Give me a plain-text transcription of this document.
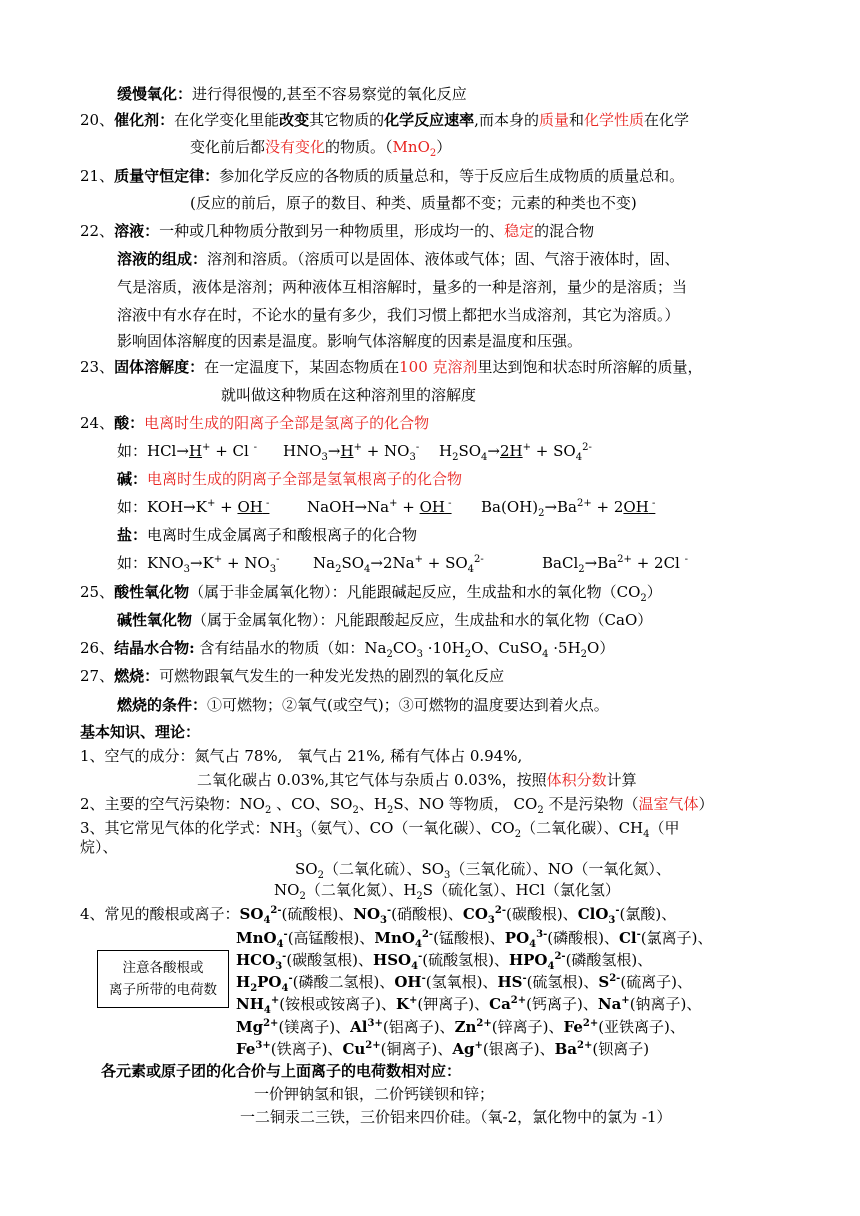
缓慢氧化：进行得很慢的,甚至不容易察觉的氧化反应
20、催化剂：在化学变化里能改变其它物质的化学反应速率,而本身的质量和化学性质在化学
变化前后都没有变化的物质。（MnO$_2$）
21、质量守恒定律：参加化学反应的各物质的质量总和，等于反应后生成物质的质量总和。
(反应的前后，原子的数目、种类、质量都不变；元素的种类也不变)
22、溶液：一种或几种物质分散到另一种物质里，形成均一的、稳定的混合物
溶液的组成：溶剂和溶质。（溶质可以是固体、液体或气体；固、气溶于液体时，固、
气是溶质，液体是溶剂；两种液体互相溶解时，量多的一种是溶剂，量少的是溶质；当
溶液中有水存在时，不论水的量有多少，我们习惯上都把水当成溶剂，其它为溶质。）
影响固体溶解度的因素是温度。影响气体溶解度的因素是温度和压强。
23、固体溶解度：在一定温度下，某固态物质在100 克溶剂里达到饱和状态时所溶解的质量，
就叫做这种物质在这种溶剂里的溶解度
24、酸：电离时生成的阳离子全部是氢离子的化合物
如：HCl→H+ + Cl - $HNO_3\to H^+ + NO_3^-$ $H_2SO_4\to 2H^+ + SO_4^{2-}$
碱：电离时生成的阴离子全部是氢氧根离子的化合物
如：KOH→K+ + OH -	NaOH→Na+ + OH - $Ba(OH)_2\to Ba^{2+} + 2OH$ -
盐：电离时生成金属离子和酸根离子的化合物
如：$KNO_3\to K^+ + NO_3^-$ $Na_2SO_4\to 2Na^+ + SO_4^{2-}$	$BaCl_2\to Ba^{2+} + 2Cl$ -
25、酸性氧化物（属于非金属氧化物）：凡能跟碱起反应，生成盐和水的氧化物$(CO_2)$
碱性氧化物（属于金属氧化物）：凡能跟酸起反应，生成盐和水的氧化物（CaO）
26、结晶水合物: 含有结晶水的物质（如：$Na_2CO_3 \cdot 10H_2O$、CuSO$_4$ $\cdot 5H_2O$）
27、燃烧：可燃物跟氧气发生的一种发光发热的剧烈的氧化反应
燃烧的条件：①可燃物；②氧气(或空气)；③可燃物的温度要达到着火点。
基本知识、理论：
1、空气的成分：氮气占 78%,　氧气占 21%, 稀有气体占 0.94%,
二氧化碳占 0.03%,其它气体与杂质占 0.03%，按照体积分数计算
2、主要的空气污染物：$NO_2$ 、CO、$SO_2$、$H_2S$、NO 等物质， $CO_2$ 不是污染物（温室气体）
3、其它常见气体的化学式：$NH_3$（氨气）、CO（一氧化碳）、$CO_2$（二氧化碳）、$CH_4$（甲
烷）、
$SO_2$（二氧化硫）、$SO_3$（三氧化硫）、NO（一氧化氮）、
$NO_2$（二氧化氮）、$H_2S$（硫化氢）、HCl（氯化氢）
4、常见的酸根或离子：$SO_4^{2-}$(硫酸根)、$NO_3^-$(硝酸根)、$CO_3^{2-}$(碳酸根)、ClO$_3$-(氯酸)、
MnO$_4$-(高锰酸根)、MnO$_4^{2-}$(锰酸根)、$PO_4^{3-}$(磷酸根)、Cl-(氯离子)、
$HCO_3^-$(碳酸氢根)、$HSO_4^-$(硫酸氢根)、$HPO_4^{2-}$(磷酸氢根)、
$H_2PO_4^-$(磷酸二氢根)、OH-(氢氧根)、HS-(硫氢根)、$S^{2-}$(硫离子)、
$NH_4^+$(铵根或铵离子)、K+(钾离子)、$Ca^{2+}$(钙离子)、Na+(钠离子)、
$Mg^{2+}$(镁离子)、$Al^{3+}$(铝离子)、$Zn^{2+}$(锌离子)、$Fe^{2+}$(亚铁离子)、
$Fe^{3+}$(铁离子)、$Cu^{2+}$(铜离子)、Ag+(银离子)、$Ba^{2+}$(钡离子)
注意各酸根或
离子所带的电荷数
各元素或原子团的化合价与上面离子的电荷数相对应：
一价钾钠氢和银，二价钙镁钡和锌；
一二铜汞二三铁，三价铝来四价硅。（氧-2，氯化物中的氯为 -1）
